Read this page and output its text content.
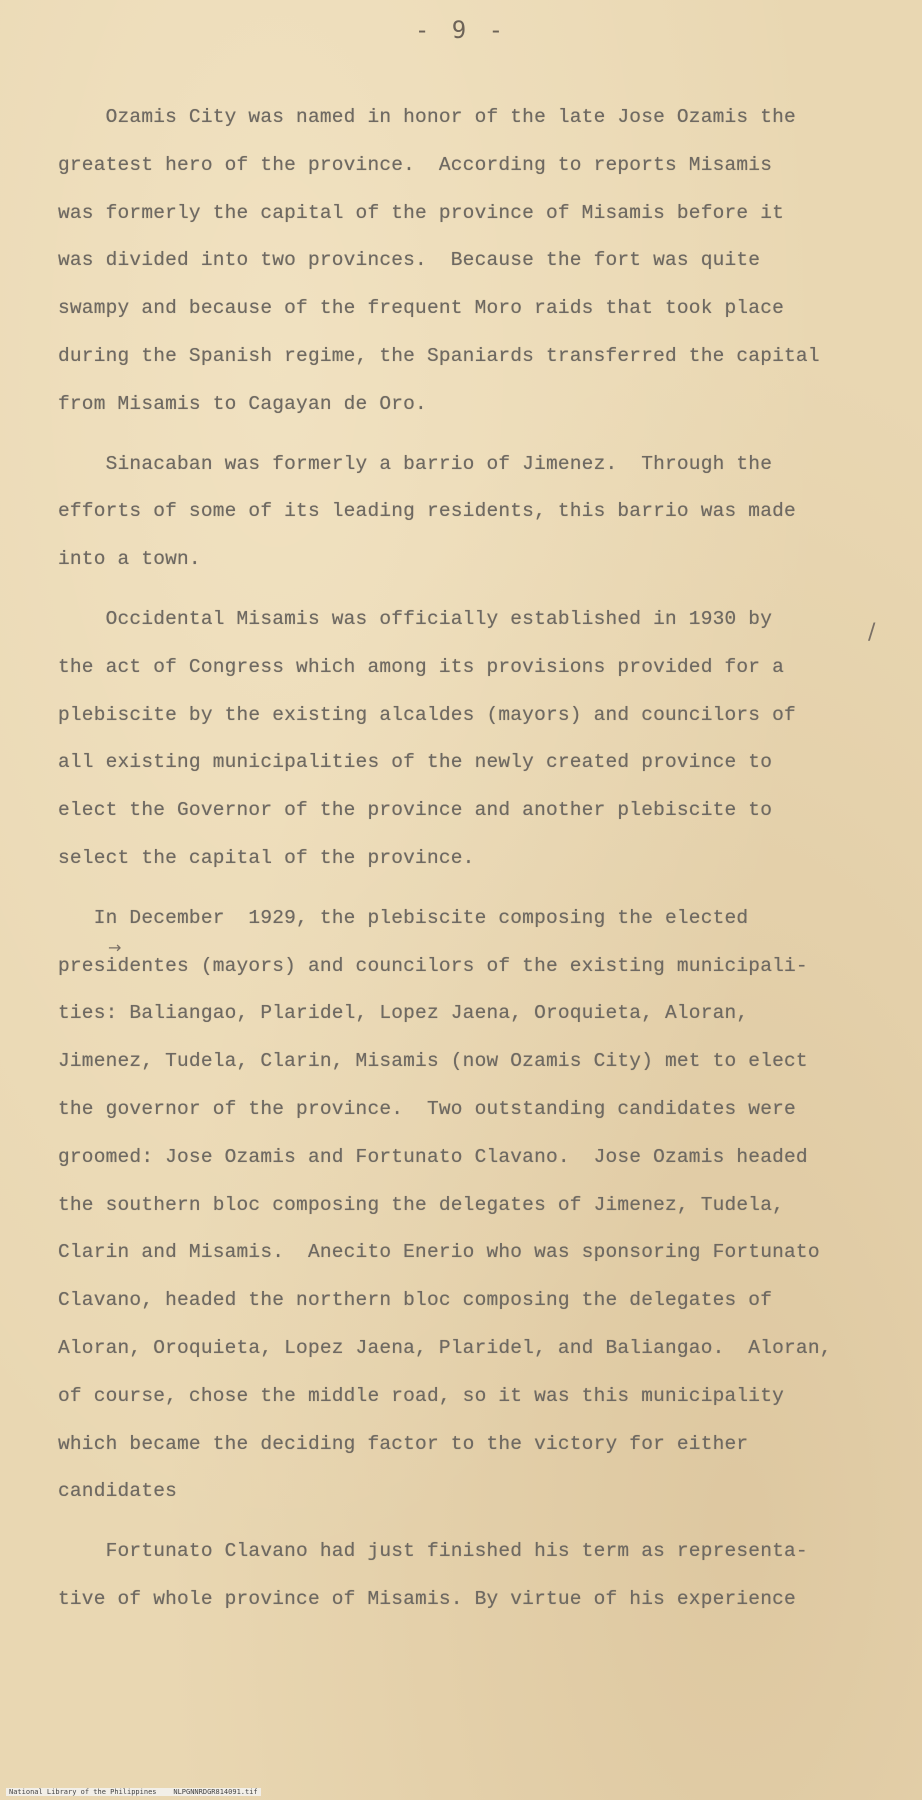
- 9 -
Ozamis City was named in honor of the late Jose Ozamis the
greatest hero of the province.  According to reports Misamis
was formerly the capital of the province of Misamis before it
was divided into two provinces.  Because the fort was quite
swampy and because of the frequent Moro raids that took place
during the Spanish regime, the Spaniards transferred the capital
from Misamis to Cagayan de Oro.
Sinacaban was formerly a barrio of Jimenez.  Through the
efforts of some of its leading residents, this barrio was made
into a town.
Occidental Misamis was officially established in 1930 by
the act of Congress which among its provisions provided for a
plebiscite by the existing alcaldes (mayors) and councilors of
all existing municipalities of the newly created province to
elect the Governor of the province and another plebiscite to
select the capital of the province.
In December  1929, the plebiscite composing the elected
presidentes (mayors) and councilors of the existing municipali-
ties: Baliangao, Plaridel, Lopez Jaena, Oroquieta, Aloran,
Jimenez, Tudela, Clarin, Misamis (now Ozamis City) met to elect
the governor of the province.  Two outstanding candidates were
groomed: Jose Ozamis and Fortunato Clavano.  Jose Ozamis headed
the southern bloc composing the delegates of Jimenez, Tudela,
Clarin and Misamis.  Anecito Enerio who was sponsoring Fortunato
Clavano, headed the northern bloc composing the delegates of
Aloran, Oroquieta, Lopez Jaena, Plaridel, and Baliangao.  Aloran,
of course, chose the middle road, so it was this municipality
which became the deciding factor to the victory for either
candidates
Fortunato Clavano had just finished his term as representa-
tive of whole province of Misamis. By virtue of his experience
/
→
National Library of the Philippines    NLPGNNRDGR814091.tif
